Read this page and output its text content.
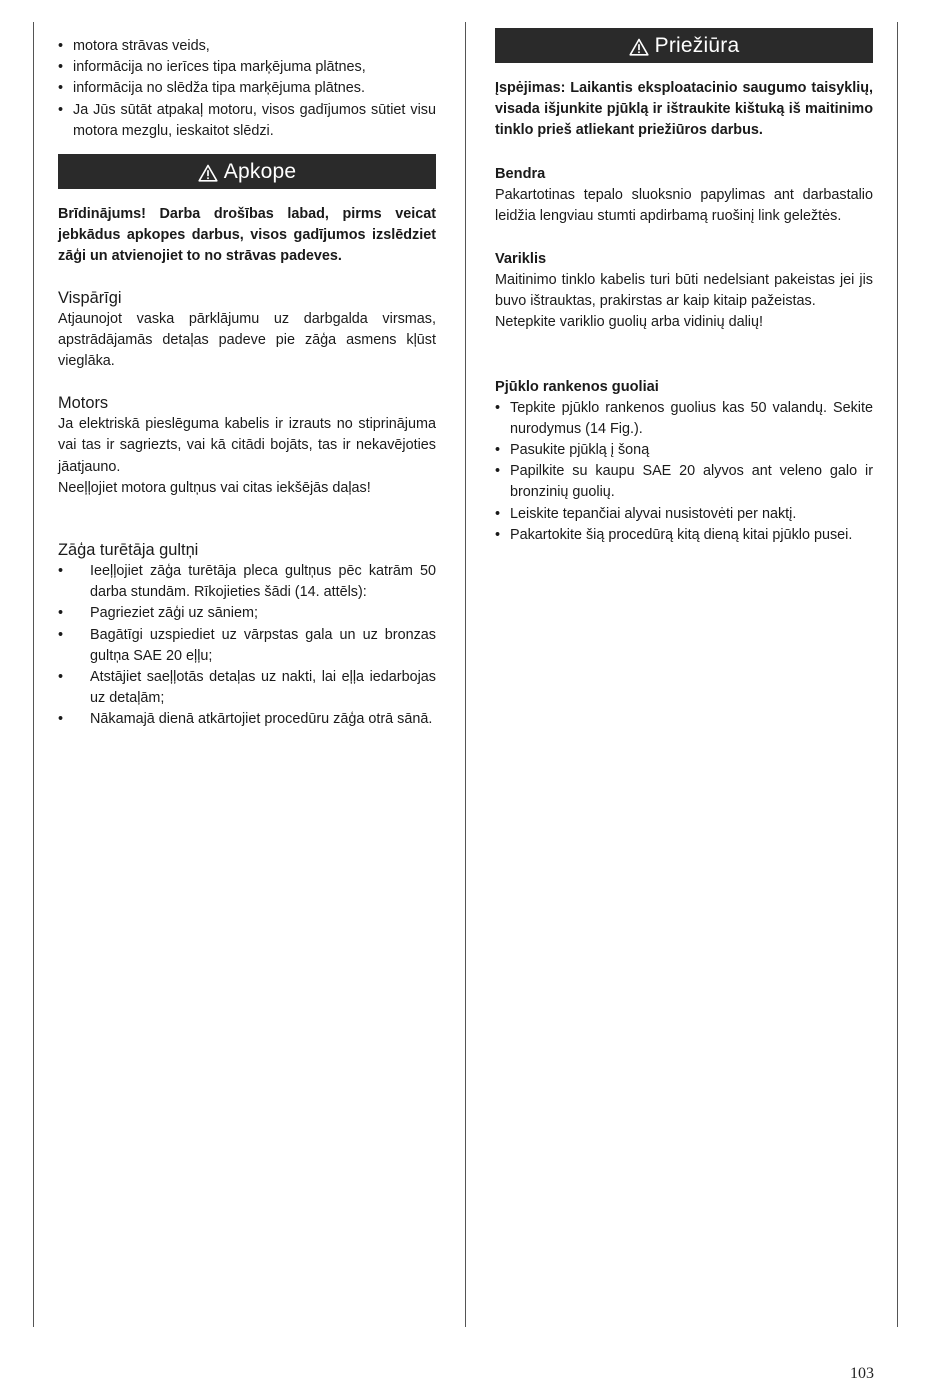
• motora strāvas veids,
• informācija no ierīces tipa marķējuma plātnes,
• informācija no slēdža tipa marķējuma plātnes.
• Ja Jūs sūtāt atpakaļ motoru, visos gadījumos sūtiet visu motora mezglu, ieskaitot slēdzi.
Apkope

Brīdinājums! Darba drošības labad, pirms veicat jebkādus apkopes darbus, visos gadījumos izslēdziet zāģi un atvienojiet to no strāvas padeves.

Vispārīgi

Atjaunojot vaska pārklājumu uz darbgalda virsmas, apstrādājamās detaļas padeve pie zāģa asmens kļūst vieglāka.

Motors

Ja elektriskā pieslēguma kabelis ir izrauts no stiprinājuma vai tas ir sagriezts, vai kā citādi bojāts, tas ir nekavējoties jāatjauno.

Neeļļojiet motora gultņus vai citas iekšējās daļas!

Zāģa turētāja gultņi
• Ieeļļojiet zāģa turētāja pleca gultņus pēc katrām 50 darba stundām. Rīkojieties šādi (14. attēls):
• Pagrieziet zāģi uz sāniem;
• Bagātīgi uzspiediet uz vārpstas gala un uz bronzas gultņa SAE 20 eļļu;
• Atstājiet saeļļotās detaļas uz nakti, lai eļļa iedarbojas uz detaļām;
• Nākamajā dienā atkārtojiet procedūru zāģa otrā sānā.
Priežiūra

Įspėjimas: Laikantis eksploatacinio saugumo taisyklių, visada išjunkite pjūklą ir ištraukite kištuką iš maitinimo tinklo prieš atliekant priežiūros darbus.

Bendra

Pakartotinas tepalo sluoksnio papylimas ant darbastalio leidžia lengviau stumti apdirbamą ruošinį link geležtės.

Variklis

Maitinimo tinklo kabelis turi būti nedelsiant pakeistas jei jis buvo ištrauktas, prakirstas ar kaip kitaip pažeistas.

Netepkite variklio guolių arba vidinių dalių!

Pjūklo rankenos guoliai
• Tepkite pjūklo rankenos guolius kas 50 valandų. Sekite nurodymus (14 Fig.).
• Pasukite pjūklą į šoną
• Papilkite su kaupu SAE 20 alyvos ant veleno galo ir bronzinių guolių.
• Leiskite tepančiai alyvai nusistovėti per naktį.
• Pakartokite šią procedūrą kitą dieną kitai pjūklo pusei.
103
